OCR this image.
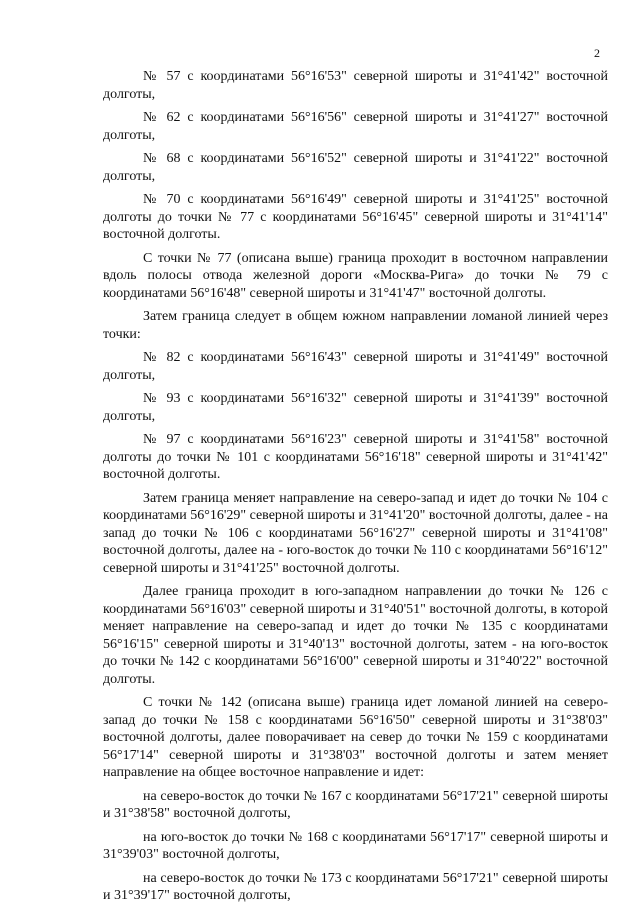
2

№ 57 с координатами 56°16'53" северной широты и 31°41'42" восточной долготы,

№ 62 с координатами 56°16'56" северной широты и 31°41'27" восточной долготы,

№ 68 с координатами 56°16'52" северной широты и 31°41'22" восточной долготы,

№ 70 с координатами 56°16'49" северной широты и 31°41'25" восточной долготы до точки № 77 с координатами 56°16'45" северной широты и 31°41'14" восточной долготы.

С точки № 77 (описана выше) граница проходит в восточном направлении вдоль полосы отвода железной дороги «Москва-Рига» до точки № 79 с координатами 56°16'48" северной широты и 31°41'47" восточной долготы.

Затем граница следует в общем южном направлении ломаной линией через точки:

№ 82 с координатами 56°16'43" северной широты и 31°41'49" восточной долготы,

№ 93 с координатами 56°16'32" северной широты и 31°41'39" восточной долготы,

№ 97 с координатами 56°16'23" северной широты и 31°41'58" восточной долготы до точки № 101 с координатами 56°16'18" северной широты и 31°41'42" восточной долготы.

Затем граница меняет направление на северо-запад и идет до точки № 104 с координатами 56°16'29" северной широты и 31°41'20" восточной долготы, далее - на запад до точки № 106 с координатами 56°16'27" северной широты и 31°41'08" восточной долготы, далее на - юго-восток до точки № 110 с координатами 56°16'12" северной широты и 31°41'25" восточной долготы.

Далее граница проходит в юго-западном направлении до точки № 126 с координатами 56°16'03" северной широты и 31°40'51" восточной долготы, в которой меняет направление на северо-запад и идет до точки № 135 с координатами 56°16'15" северной широты и 31°40'13" восточной долготы, затем - на юго-восток до точки № 142 с координатами 56°16'00" северной широты и 31°40'22" восточной долготы.

С точки № 142 (описана выше) граница идет ломаной линией на северо-запад до точки № 158 с координатами 56°16'50" северной широты и 31°38'03" восточной долготы, далее поворачивает на север до точки № 159 с координатами 56°17'14" северной широты и 31°38'03" восточной долготы и затем меняет направление на общее восточное направление и идет:

на северо-восток до точки № 167 с координатами 56°17'21" северной широты и 31°38'58" восточной долготы,

на юго-восток до точки № 168 с координатами 56°17'17" северной широты и 31°39'03" восточной долготы,

на северо-восток до точки № 173 с координатами 56°17'21" северной широты и 31°39'17" восточной долготы,
